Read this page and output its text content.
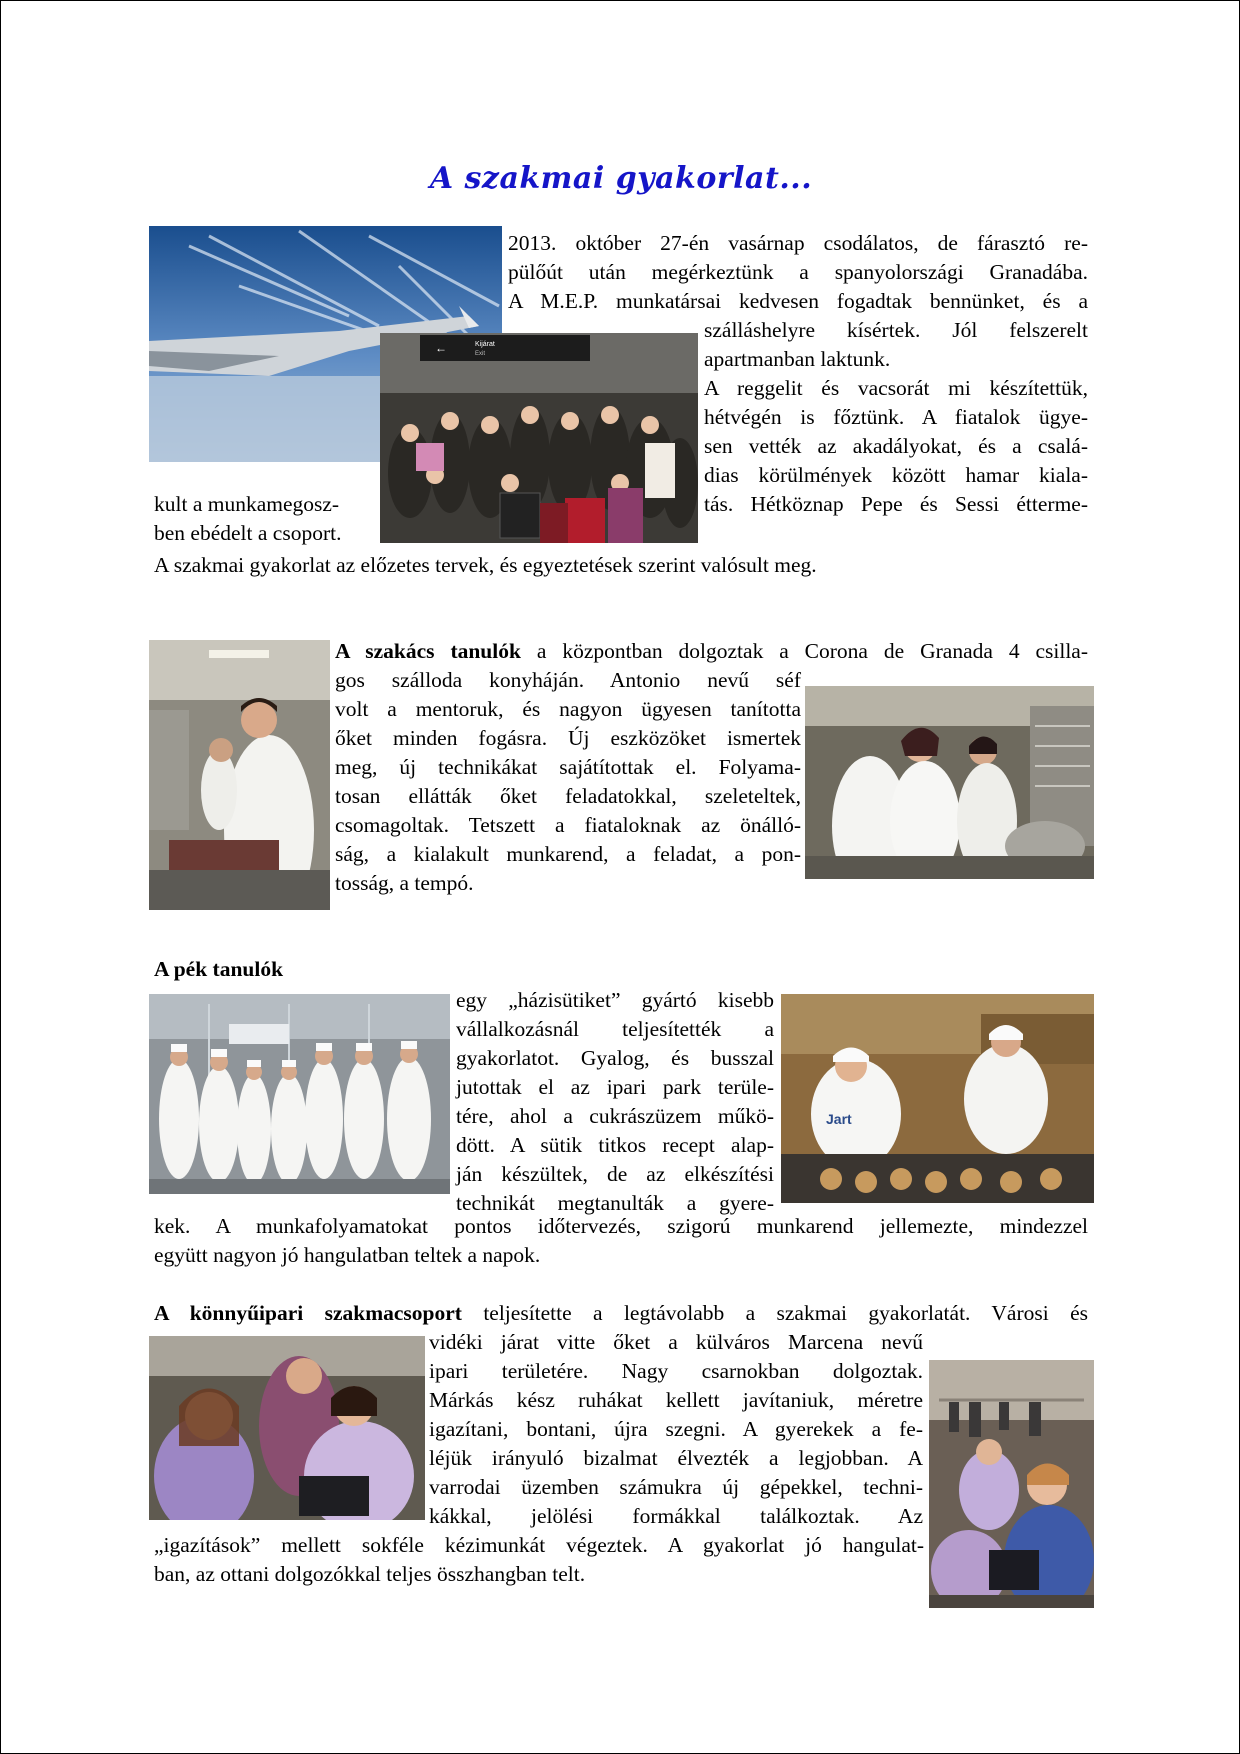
A szakmai gyakorlat...
←	Kijárat
Exit
2013. október 27-én vasárnap csodálatos, de fárasztó re-
pülőút után megérkeztünk a spanyolországi Granadába.
A M.E.P. munkatársai kedvesen fogadtak bennünket, és a
szálláshelyre kísértek. Jól felszerelt
apartmanban laktunk.
A reggelit és vacsorát mi készítettük,
hétvégén is főztünk. A fiatalok ügye-
sen vették az akadályokat, és a csalá-
dias körülmények között hamar kiala-
tás. Hétköznap Pepe és Sessi étterme-
kult a munkamegosz-
ben ebédelt a csoport.
A szakmai gyakorlat az előzetes tervek, és egyeztetések szerint valósult meg.
A szakács tanulók a központban dolgoztak a Corona de Granada 4 csilla-
gos szálloda konyháján. Antonio nevű séf
volt a mentoruk, és nagyon ügyesen tanította
őket minden fogásra. Új eszközöket ismertek
meg, új technikákat sajátítottak el. Folyama-
tosan ellátták őket feladatokkal, szeleteltek,
csomagoltak. Tetszett a fiataloknak az önálló-
ság, a kialakult munkarend, a feladat, a pon-
tosság, a tempó.
A pék tanulók
egy „házisütiket” gyártó kisebb
vállalkozásnál teljesítették a
gyakorlatot. Gyalog, és busszal
jutottak el az ipari park terüle-
tére, ahol a cukrászüzem műkö-
dött. A sütik titkos recept alap-
ján készültek, de az elkészítési
technikát megtanulták a gyere-
Jart
kek. A munkafolyamatokat pontos időtervezés, szigorú munkarend jellemezte, mindezzel
együtt nagyon jó hangulatban teltek a napok.
A könnyűipari szakmacsoport teljesítette a legtávolabb a szakmai gyakorlatát. Városi és
vidéki járat vitte őket a külváros Marcena nevű
ipari területére. Nagy csarnokban dolgoztak.
Márkás kész ruhákat kellett javítaniuk, méretre
igazítani, bontani, újra szegni. A gyerekek a fe-
léjük irányuló bizalmat élvezték a legjobban. A
varrodai üzemben számukra új gépekkel, techni-
kákkal, jelölési formákkal találkoztak. Az
„igazítások” mellett sokféle kézimunkát végeztek. A gyakorlat jó hangulat-
ban, az ottani dolgozókkal teljes összhangban telt.
